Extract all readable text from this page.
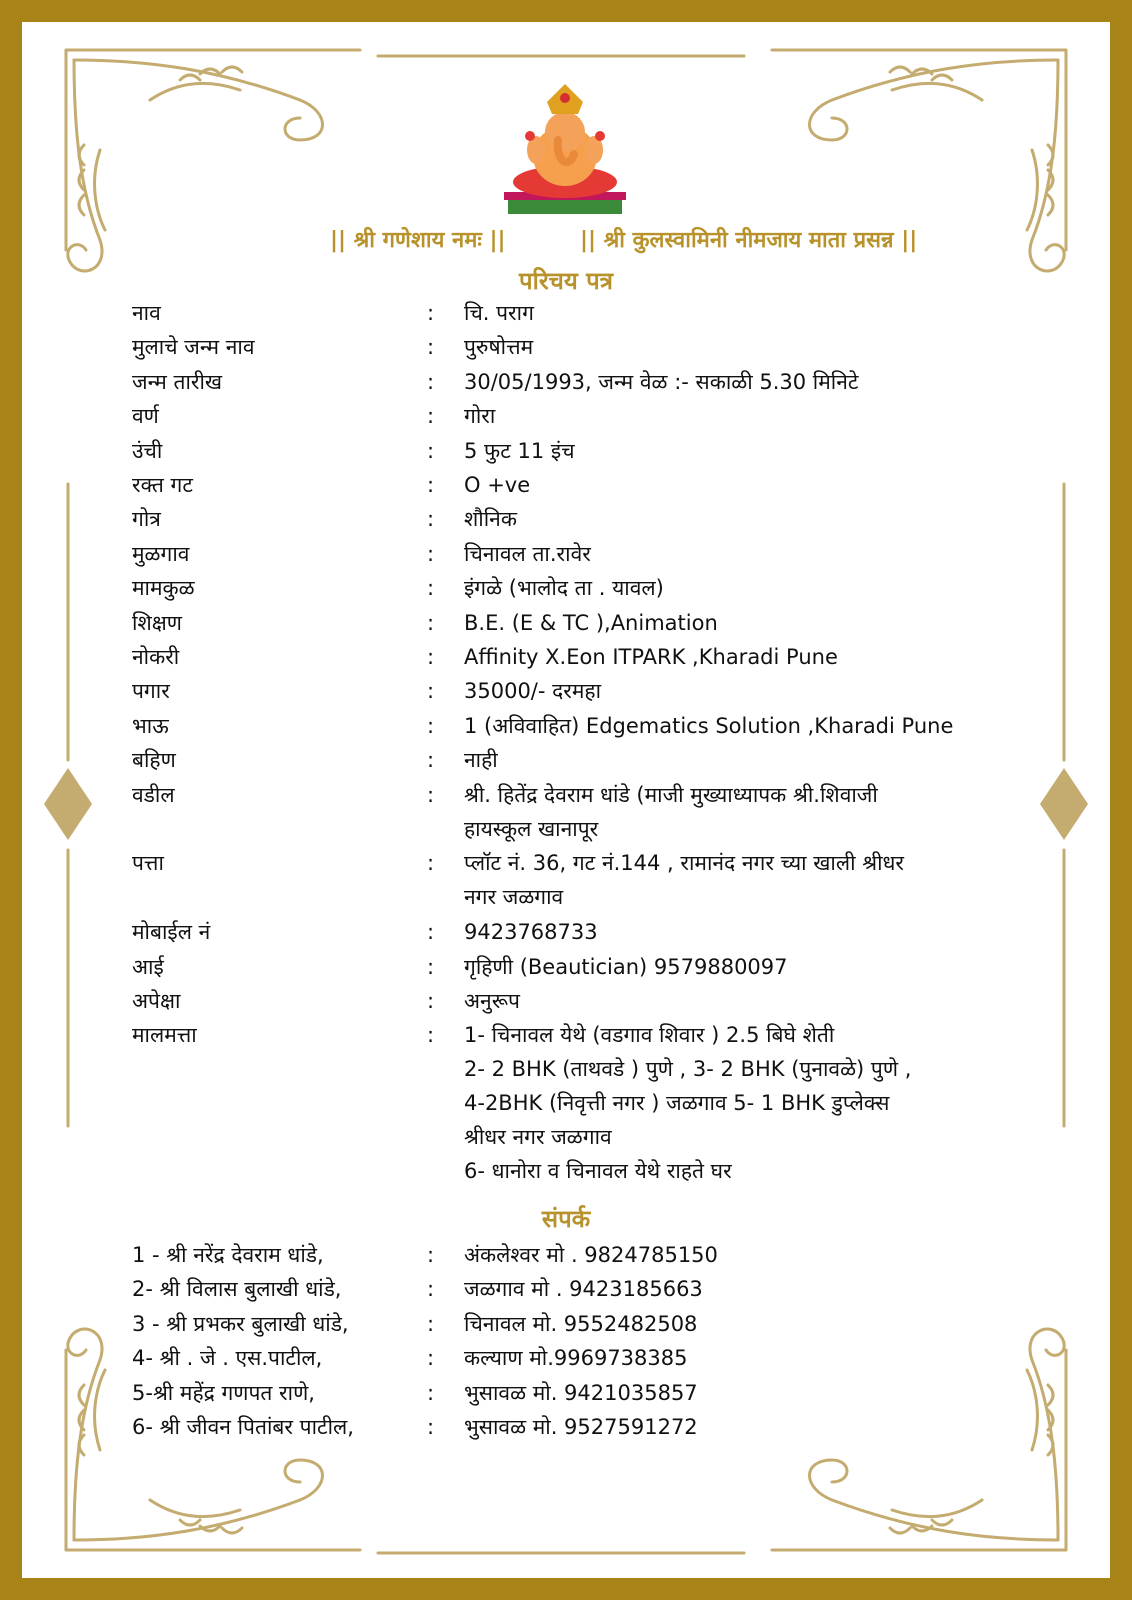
|| श्री गणेशाय नमः ||	|| श्री कुलस्वामिनी नीमजाय माता प्रसन्न ||
परिचय पत्र
नाव	: चि. पराग
मुलाचे जन्म नाव	: पुरुषोत्तम
जन्म तारीख	: 30/05/1993, जन्म वेळ :- सकाळी 5.30 मिनिटे
वर्ण	: गोरा
उंची	: 5 फुट 11 इंच
रक्त गट	: O +ve
गोत्र	: शौनिक
मुळगाव	: चिनावल ता.रावेर
मामकुळ	: इंगळे (भालोद ता . यावल)
शिक्षण	: B.E. (E & TC ),Animation
नोकरी	: Affinity X.Eon ITPARK ,Kharadi Pune
पगार	: 35000/- दरमहा
भाऊ	: 1 (अविवाहित) Edgematics Solution ,Kharadi Pune
बहिण	: नाही
वडील	: श्री. हितेंद्र देवराम धांडे (माजी मुख्याध्यापक श्री.शिवाजी
हायस्कूल खानापूर
पत्ता	: प्लॉट नं. 36, गट नं.144 , रामानंद नगर च्या खाली श्रीधर
नगर जळगाव
मोबाईल नं	: 9423768733
आई	: गृहिणी (Beautician) 9579880097
अपेक्षा	: अनुरूप
मालमत्ता	: 1- चिनावल येथे (वडगाव शिवार ) 2.5 बिघे शेती
2- 2 BHK (ताथवडे ) पुणे , 3- 2 BHK (पुनावळे) पुणे ,
4-2BHK (निवृत्ती नगर ) जळगाव 5- 1 BHK डुप्लेक्स
श्रीधर नगर जळगाव
6- धानोरा व चिनावल येथे राहते घर
संपर्क
1 - श्री नरेंद्र देवराम धांडे,	: अंकलेश्वर मो . 9824785150
2- श्री विलास बुलाखी धांडे,	: जळगाव मो . 9423185663
3 - श्री प्रभकर बुलाखी धांडे,	: चिनावल मो. 9552482508
4- श्री . जे . एस.पाटील,	: कल्याण मो.9969738385
5-श्री महेंद्र गणपत राणे,	: भुसावळ मो. 9421035857
6- श्री जीवन पितांबर पाटील,	: भुसावळ मो. 9527591272
